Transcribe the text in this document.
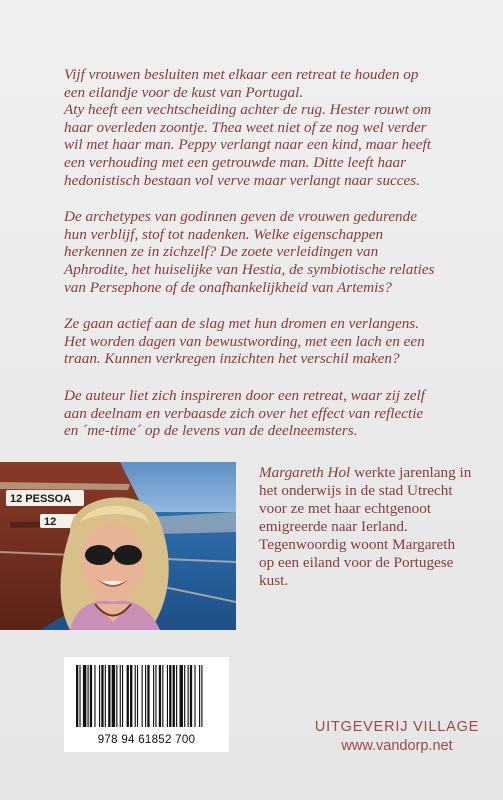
Vijf vrouwen besluiten met elkaar een retreat te houden op
een eilandje voor de kust van Portugal.
Aty heeft een vechtscheiding achter de rug. Hester rouwt om
haar overleden zoontje. Thea weet niet of ze nog wel verder
wil met haar man. Peppy verlangt naar een kind, maar heeft
een verhouding met een getrouwde man. Ditte leeft haar
hedonistisch bestaan vol verve maar verlangt naar succes.

De archetypes van godinnen geven de vrouwen gedurende
hun verblijf, stof tot nadenken. Welke eigenschappen
herkennen ze in zichzelf? De zoete verleidingen van
Aphrodite, het huiselijke van Hestia, de symbiotische relaties
van Persephone of de onafhankelijkheid van Artemis?

Ze gaan actief aan de slag met hun dromen en verlangens.
Het worden dagen van bewustwording, met een lach en een
traan. Kunnen verkregen inzichten het verschil maken?

De auteur liet zich inspireren door een retreat, waar zij zelf
aan deelnam en verbaasde zich over het effect van reflectie
en ´me-time´ op de levens van de deelneemsters.

12 PESSOA
12
Margareth Hol werkte jarenlang in het onderwijs in de stad Utrecht voor ze met haar echtgenoot emigreerde naar Ierland. Tegenwoordig woont Margareth op een eiland voor de Portugese kust.
978 94 61852 700
UITGEVERIJ VILLAGE
www.vandorp.net
